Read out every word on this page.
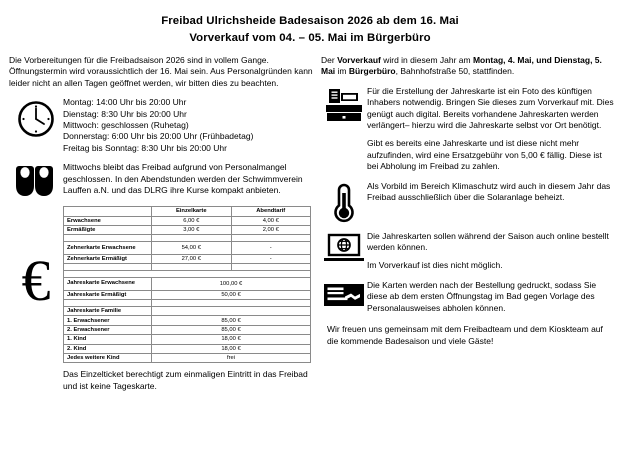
Freibad Ulrichsheide Badesaison 2026 ab dem 16. Mai
Vorverkauf vom 04. – 05. Mai im Bürgerbüro

Die Vorbereitungen für die Freibadsaison 2026 sind in vollem Gange. Öffnungstermin wird voraussichtlich der 16. Mai sein. Aus Personalgründen kann leider nicht an allen Tagen geöffnet werden, wir bitten dies zu beachten.

Montag: 14:00 Uhr bis 20:00 Uhr
Dienstag: 8:30 Uhr bis 20:00 Uhr
Mittwoch: geschlossen (Ruhetag)
Donnerstag: 6:00 Uhr bis 20:00 Uhr (Frühbadetag)
Freitag bis Sonntag: 8:30 Uhr bis 20:00 Uhr

Mittwochs bleibt das Freibad aufgrund von Personalmangel geschlossen. In den Abendstunden werden der Schwimmverein Lauffen a.N. und das DLRG ihre Kurse kompakt anbieten.

€
	Einzelkarte	Abendtarif
Erwachsene	6,00 €	4,00 €
Ermäßigte	3,00 €	2,00 €

Zehnerkarte Erwachsene	54,00 €	-
Zehnerkarte Ermäßigt	27,00 €	-

Jahreskarte Erwachsene	100,00 €	
Jahreskarte Ermäßigt	50,00 €	

Jahreskarte Familie		
1. Erwachsener	85,00 €	
2. Erwachsener	85,00 €	
1. Kind	18,00 €	
2. Kind	18,00 €	
Jedes weitere Kind	frei	

Das Einzelticket berechtigt zum einmaligen Eintritt in das Freibad und ist keine Tageskarte.

Der Vorverkauf wird in diesem Jahr am Montag, 4. Mai, und Dienstag, 5. Mai im Bürgerbüro, Bahnhofstraße 50, stattfinden.

Für die Erstellung der Jahreskarte ist ein Foto des künftigen Inhabers notwendig. Bringen Sie dieses zum Vorverkauf mit. Dies genügt auch digital. Bereits vorhandene Jahreskarten werden verlängert– hierzu wird die Jahreskarte selbst vor Ort benötigt.

Gibt es bereits eine Jahreskarte und ist diese nicht mehr aufzufinden, wird eine Ersatzgebühr von 5,00 € fällig. Diese ist bei Abholung im Freibad zu zahlen.

Als Vorbild im Bereich Klimaschutz wird auch in diesem Jahr das Freibad ausschließlich über die Solaranlage beheizt.

Die Jahreskarten sollen während der Saison auch online bestellt werden können.

Im Vorverkauf ist dies nicht möglich.

Die Karten werden nach der Bestellung gedruckt, sodass Sie diese ab dem ersten Öffnungstag im Bad gegen Vorlage des Personalausweises abholen können.

Wir freuen uns gemeinsam mit dem Freibadteam und dem Kioskteam auf die kommende Badesaison und viele Gäste!
